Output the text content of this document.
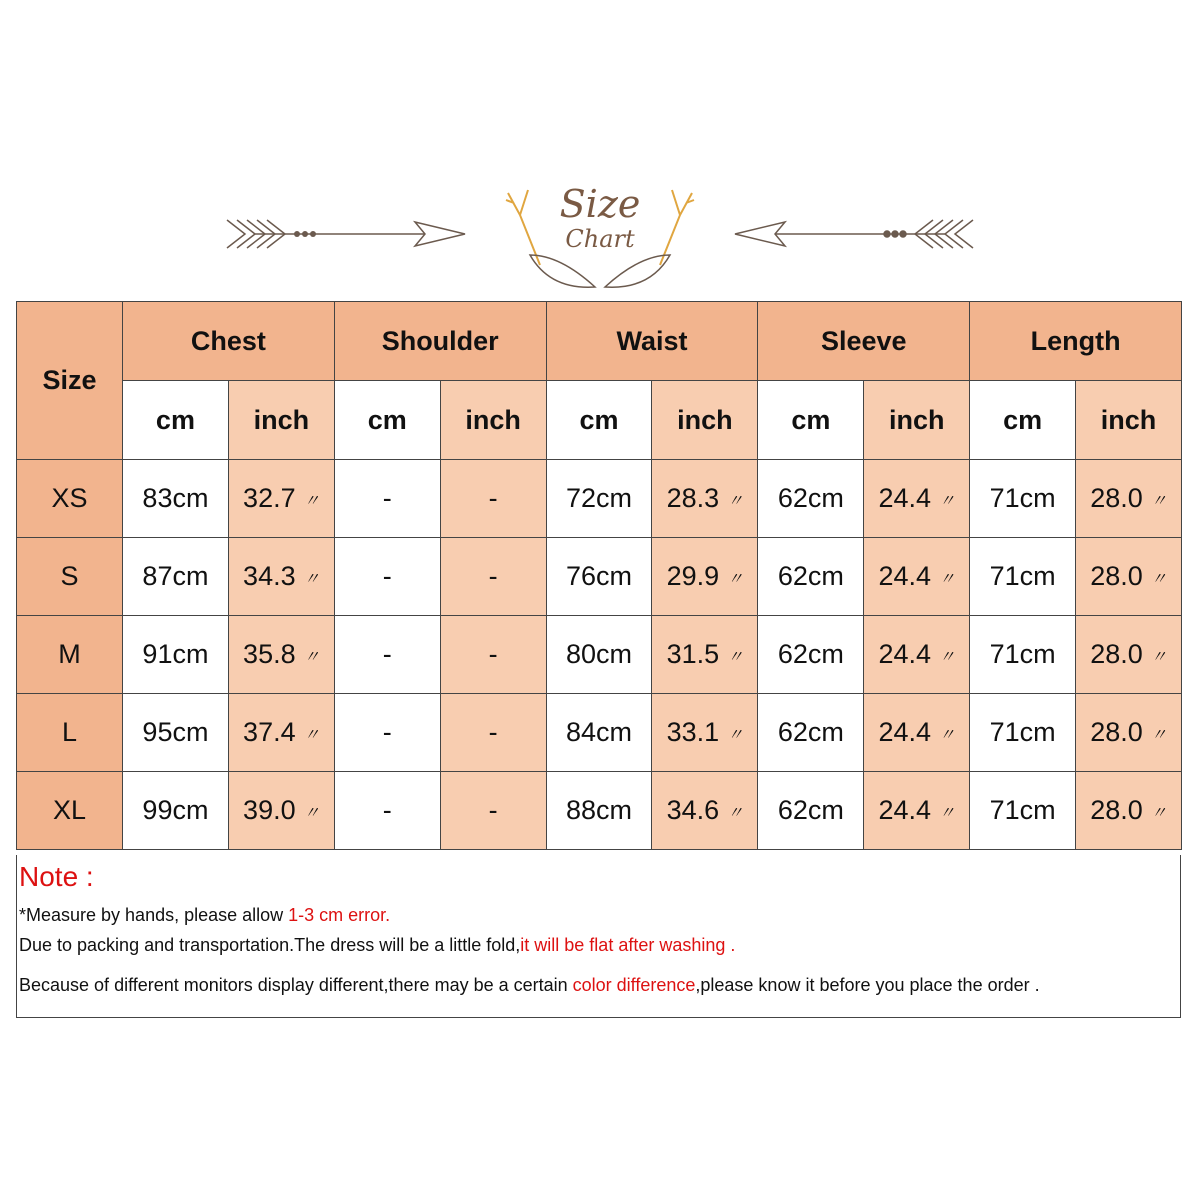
Size
Chart
Size	Chest		Shoulder		Waist		Sleeve		Length	
	cm	inch	cm	inch	cm	inch	cm	inch	cm	inch
XS	83cm	32.7 〃	-	-	72cm	28.3 〃	62cm	24.4 〃	71cm	28.0 〃
S	87cm	34.3 〃	-	-	76cm	29.9 〃	62cm	24.4 〃	71cm	28.0 〃
M	91cm	35.8 〃	-	-	80cm	31.5 〃	62cm	24.4 〃	71cm	28.0 〃
L	95cm	37.4 〃	-	-	84cm	33.1 〃	62cm	24.4 〃	71cm	28.0 〃
XL	99cm	39.0 〃	-	-	88cm	34.6 〃	62cm	24.4 〃	71cm	28.0 〃
Note :
*Measure by hands, please allow 1-3 cm error.
Due to packing and transportation.The dress will be a little fold,it will be flat after washing .
Because of different monitors display different,there may be a certain color difference,please know it before you place the order .
